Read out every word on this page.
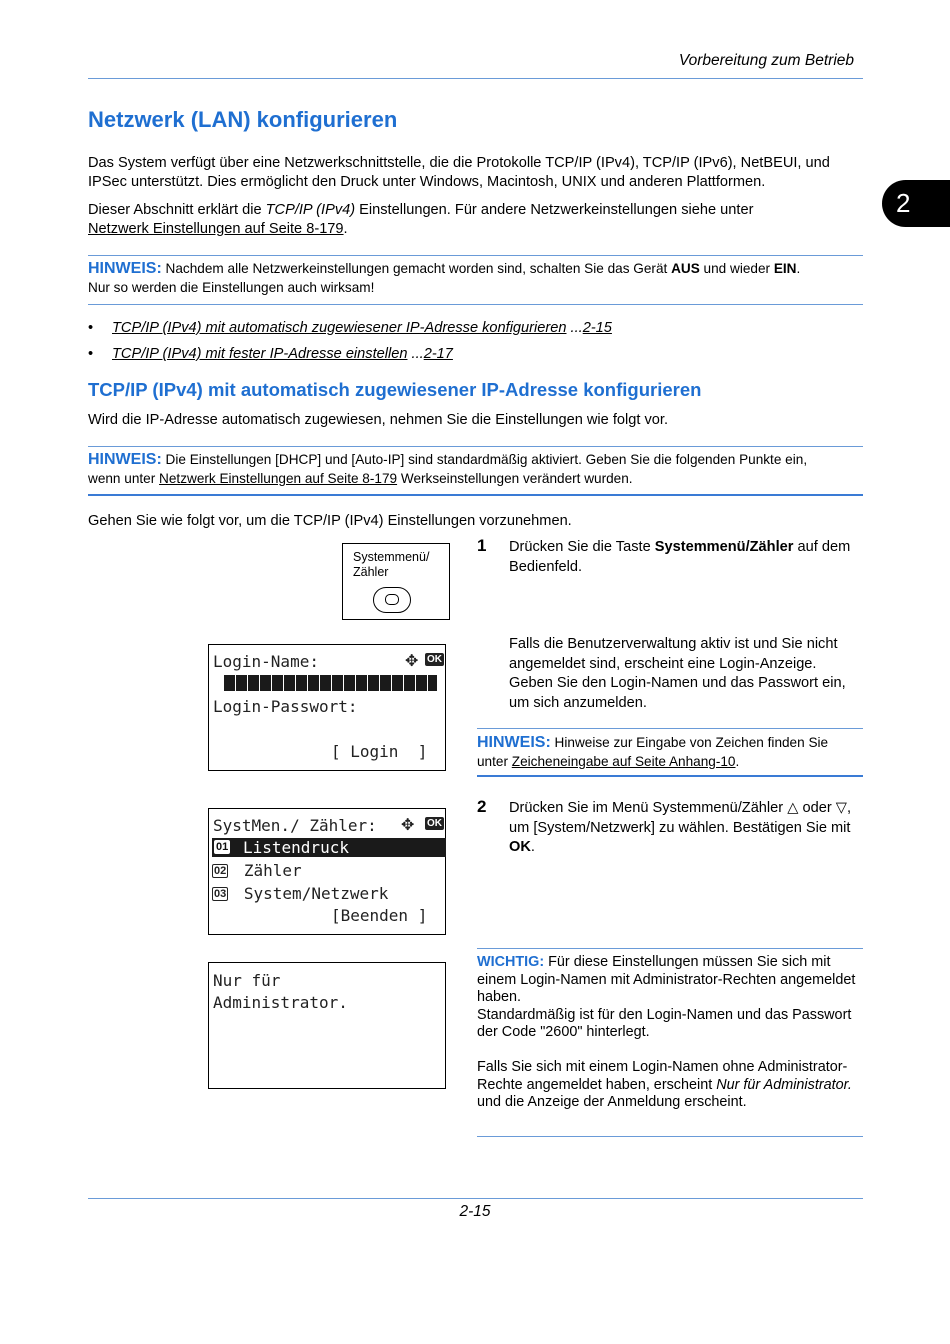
Vorbereitung zum Betrieb
2
Netzwerk (LAN) konfigurieren
Das System verfügt über eine Netzwerkschnittstelle, die die Protokolle TCP/IP (IPv4), TCP/IP (IPv6), NetBEUI, und IPSec unterstützt. Dies ermöglicht den Druck unter Windows, Macintosh, UNIX und anderen Plattformen.
Dieser Abschnitt erklärt die TCP/IP (IPv4) Einstellungen. Für andere Netzwerkeinstellungen siehe unter
Netzwerk Einstellungen auf Seite 8-179.
HINWEIS: Nachdem alle Netzwerkeinstellungen gemacht worden sind, schalten Sie das Gerät AUS und wieder EIN.
Nur so werden die Einstellungen auch wirksam!
• TCP/IP (IPv4) mit automatisch zugewiesener IP-Adresse konfigurieren ...2-15
• TCP/IP (IPv4) mit fester IP-Adresse einstellen ...2-17
TCP/IP (IPv4) mit automatisch zugewiesener IP-Adresse konfigurieren
Wird die IP-Adresse automatisch zugewiesen, nehmen Sie die Einstellungen wie folgt vor.
HINWEIS: Die Einstellungen [DHCP] und [Auto-IP] sind standardmäßig aktiviert. Geben Sie die folgenden Punkte ein,
wenn unter Netzwerk Einstellungen auf Seite 8-179 Werkseinstellungen verändert wurden.
Gehen Sie wie folgt vor, um die TCP/IP (IPv4) Einstellungen vorzunehmen.
Systemmenü/
Zähler
1 Drücken Sie die Taste Systemmenü/Zähler auf dem Bedienfeld.
Falls die Benutzerverwaltung aktiv ist und Sie nicht angemeldet sind, erscheint eine Login-Anzeige. Geben Sie den Login-Namen und das Passwort ein, um sich anzumelden.
Login-Name:	✥ OK
Login-Passwort:
[ Login  ]	HINWEIS: Hinweise zur Eingabe von Zeichen finden Sie
unter Zeicheneingabe auf Seite Anhang-10.
2 Drücken Sie im Menü Systemmenü/Zähler △ oder ▽, um [System/Netzwerk] zu wählen. Bestätigen Sie mit OK.
SystMen./ Zähler: ✥ OK
01 Listendruck
02 Zähler
03 System/Netzwerk
[Beenden ]
Nur für
Administrator.
WICHTIG: Für diese Einstellungen müssen Sie sich mit einem Login-Namen mit Administrator-Rechten angemeldet haben.
Standardmäßig ist für den Login-Namen und das Passwort der Code "2600" hinterlegt.

Falls Sie sich mit einem Login-Namen ohne Administrator-Rechte angemeldet haben, erscheint Nur für Administrator. und die Anzeige der Anmeldung erscheint.
2-15
